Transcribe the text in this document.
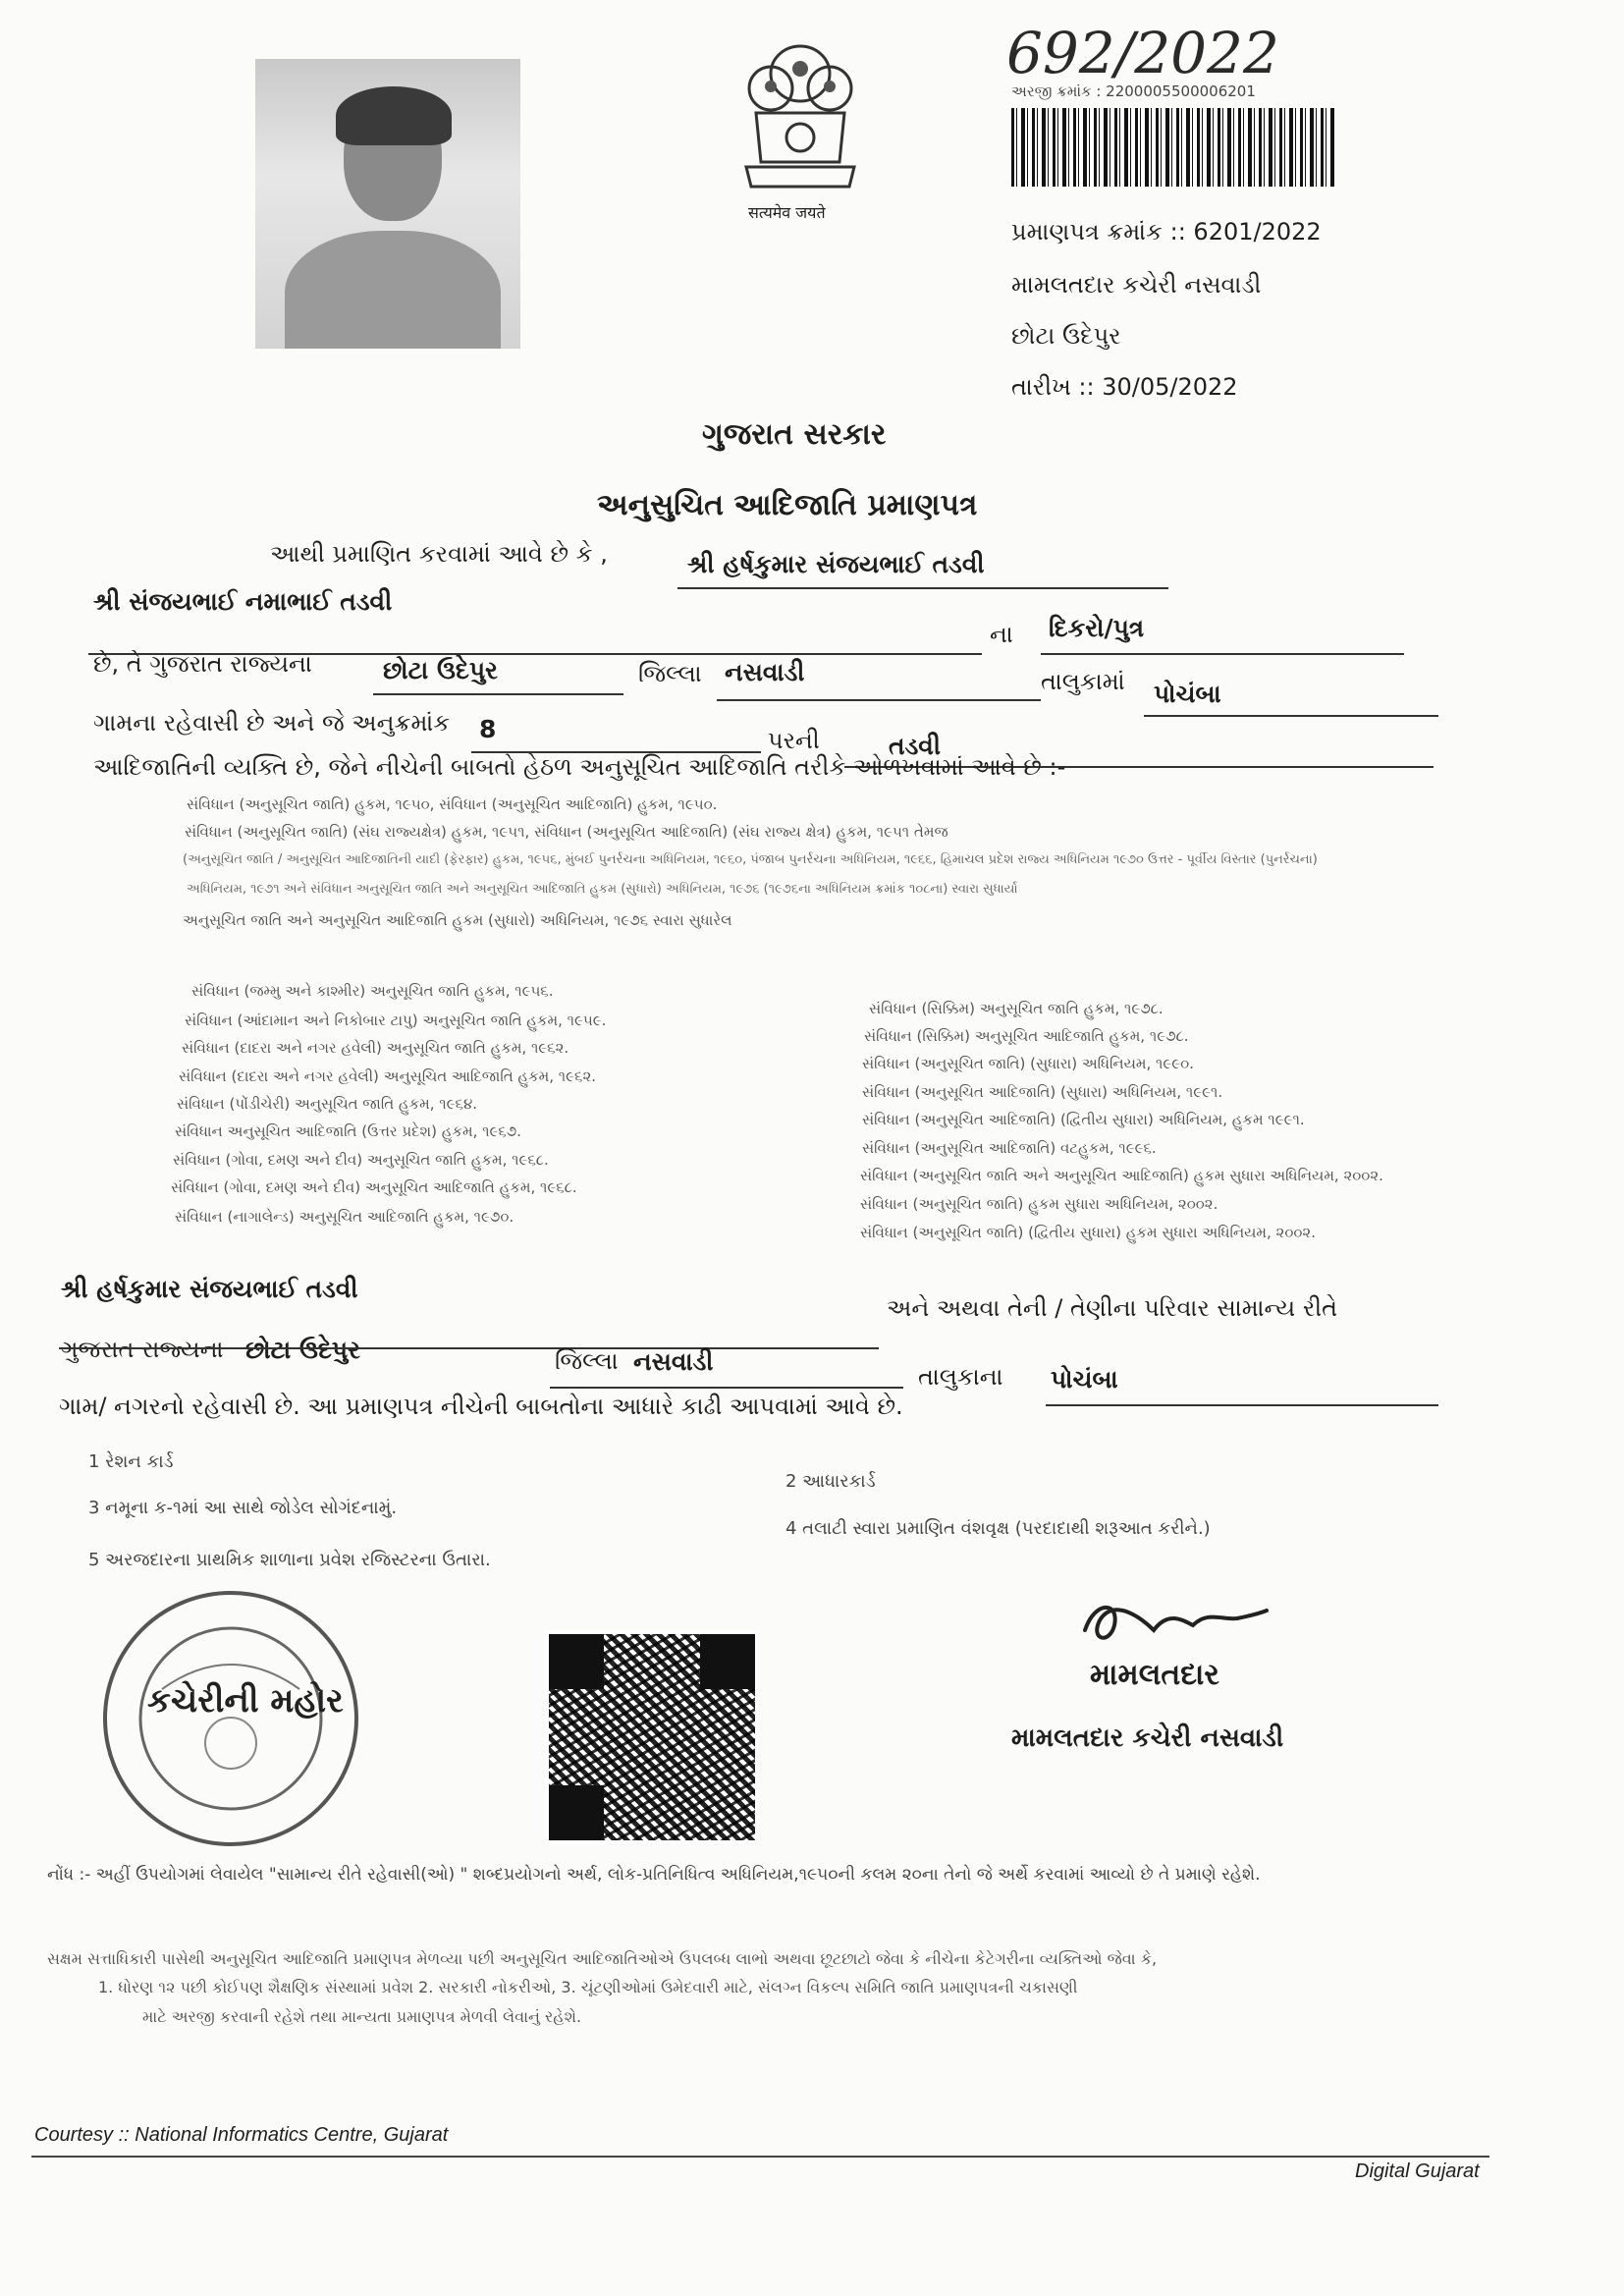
सत्यमेव जयते
692/2022
અરજી ક્રમાંક : 2200005500006201
પ્રમાણપત્ર ક્રમાંક :: 6201/2022
મામલતદાર કચેરી નસવાડી
છોટા ઉદેપુર
તારીખ :: 30/05/2022
ગુજરાત સરકાર
અનુસુચિત આદિજાતિ પ્રમાણપત્ર
આથી પ્રમાણિત કરવામાં આવે છે કે ,	શ્રી હર્ષકુમાર સંજયભાઈ તડવી
શ્રી સંજયભાઈ નમાભાઈ તડવી
ના દિકરો/પુત્ર
છે, તે ગુજરાત રાજ્યના	છોટા ઉદેપુર	જિલ્લા નસવાડી	તાલુકામાં પોચંબા
ગામના રહેવાસી છે અને જે અનુક્રમાંક 8	પરની	તડવી
આદિજાતિની વ્યક્તિ છે, જેને નીચેની બાબતો હેઠળ અનુસૂચિત આદિજાતિ તરીકે ઓળખવામાં આવે છે :-
સંવિધાન (અનુસૂચિત જાતિ) હુકમ, ૧૯૫૦, સંવિધાન (અનુસૂચિત આદિજાતિ) હુકમ, ૧૯૫૦.
સંવિધાન (અનુસૂચિત જાતિ) (સંઘ રાજ્યક્ષેત્ર) હુકમ, ૧૯૫૧, સંવિધાન (અનુસૂચિત આદિજાતિ) (સંઘ રાજ્ય ક્ષેત્ર) હુકમ, ૧૯૫૧ તેમજ
(અનુસૂચિત જાતિ / અનુસૂચિત આદિજાતિની યાદી (ફેરફાર) હુકમ, ૧૯૫૬, મુંબઈ પુનર્રચના અધિનિયમ, ૧૯૬૦, પંજાબ પુનર્રચના અધિનિયમ, ૧૯૬૬, હિમાચલ પ્રદેશ રાજ્ય અધિનિયમ ૧૯૭૦ ઉત્તર - પૂર્વીય વિસ્તાર (પુનર્રચના)
અધિનિયમ, ૧૯૭૧ અને સંવિધાન અનુસૂચિત જાતિ અને અનુસૂચિત આદિજાતિ હુકમ (સુધારો) અધિનિયમ, ૧૯૭૬ (૧૯૭૬ના અધિનિયમ ક્રમાંક ૧૦૮ના) સ્વારા સુધાર્યા
અનુસૂચિત જાતિ અને અનુસૂચિત આદિજાતિ હુકમ (સુધારો) અધિનિયમ, ૧૯૭૬ સ્વારા સુધારેલ
સંવિધાન (જમ્મુ અને કાશ્મીર) અનુસૂચિત જાતિ હુકમ, ૧૯૫૬.
સંવિધાન (આંદામાન અને નિકોબાર ટાપુ) અનુસૂચિત જાતિ હુકમ, ૧૯૫૯.
સંવિધાન (દાદરા અને નગર હવેલી) અનુસૂચિત જાતિ હુકમ, ૧૯૬૨.
સંવિધાન (દાદરા અને નગર હવેલી) અનુસૂચિત આદિજાતિ હુકમ, ૧૯૬૨.
સંવિધાન (પોંડીચેરી) અનુસૂચિત જાતિ હુકમ, ૧૯૬૪.
સંવિધાન અનુસૂચિત આદિજાતિ (ઉત્તર પ્રદેશ) હુકમ, ૧૯૬૭.
સંવિધાન (ગોવા, દમણ અને દીવ) અનુસૂચિત જાતિ હુકમ, ૧૯૬૮.
સંવિધાન (ગોવા, દમણ અને દીવ) અનુસૂચિત આદિજાતિ હુકમ, ૧૯૬૮.
સંવિધાન (નાગાલેન્ડ) અનુસૂચિત આદિજાતિ હુકમ, ૧૯૭૦.
સંવિધાન (સિક્કિમ) અનુસૂચિત જાતિ હુકમ, ૧૯૭૮.
સંવિધાન (સિક્કિમ) અનુસૂચિત આદિજાતિ હુકમ, ૧૯૭૮.
સંવિધાન (અનુસૂચિત જાતિ) (સુધારા) અધિનિયમ, ૧૯૯૦.
સંવિધાન (અનુસૂચિત આદિજાતિ) (સુધારા) અધિનિયમ, ૧૯૯૧.
સંવિધાન (અનુસૂચિત આદિજાતિ) (દ્વિતીય સુધારા) અધિનિયમ, હુકમ ૧૯૯૧.
સંવિધાન (અનુસૂચિત આદિજાતિ) વટહુકમ, ૧૯૯૬.
સંવિધાન (અનુસૂચિત જાતિ અને અનુસૂચિત આદિજાતિ) હુકમ સુધારા અધિનિયમ, ૨૦૦૨.
સંવિધાન (અનુસૂચિત જાતિ) હુકમ સુધારા અધિનિયમ, ૨૦૦૨.
સંવિધાન (અનુસૂચિત જાતિ) (દ્વિતીય સુધારા) હુકમ સુધારા અધિનિયમ, ૨૦૦૨.
શ્રી હર્ષકુમાર સંજયભાઈ તડવી
અને અથવા તેની / તેણીના પરિવાર સામાન્ય રીતે
ગુજરાત રાજ્યના છોટા ઉદેપુર	જિલ્લા નસવાડી
તાલુકાના પોચંબા
ગામ/ નગરનો રહેવાસી છે. આ પ્રમાણપત્ર નીચેની બાબતોના આધારે કાઢી આપવામાં આવે છે.
1 રેશન કાર્ડ
2 આધારકાર્ડ
3 નમૂના ક-૧માં આ સાથે જોડેલ સોગંદનામું.
4 તલાટી સ્વારા પ્રમાણિત વંશવૃક્ષ (પરદાદાથી શરૂઆત કરીને.)
5 અરજદારના પ્રાથમિક શાળાના પ્રવેશ રજિસ્ટરના ઉતારા.
કચેરીની મહોર
મામલતદાર
મામલતદાર કચેરી નસવાડી
નોંધ :- અહીં ઉપયોગમાં લેવાયેલ "સામાન્ય રીતે રહેવાસી(ઓ) " શબ્દપ્રયોગનો અર્થ, લોક-પ્રતિનિધિત્વ અધિનિયમ,૧૯૫૦ની કલમ ૨૦ના તેનો જે અર્થે કરવામાં આવ્યો છે તે પ્રમાણે રહેશે.
સક્ષમ સત્તાધિકારી પાસેથી અનુસૂચિત આદિજાતિ પ્રમાણપત્ર મેળવ્યા પછી અનુસૂચિત આદિજાતિઓએ ઉપલબ્ધ લાભો અથવા છૂટછાટો જેવા કે નીચેના કેટેગરીના વ્યક્તિઓ જેવા કે,
1. ધોરણ ૧૨ પછી કોઈપણ શૈક્ષણિક સંસ્થામાં પ્રવેશ 2. સરકારી નોકરીઓ, 3. ચૂંટણીઓમાં ઉમેદવારી માટે, સંલગ્ન વિકલ્પ સમિતિ જાતિ પ્રમાણપત્રની ચકાસણી
માટે અરજી કરવાની રહેશે તથા માન્યતા પ્રમાણપત્ર મેળવી લેવાનું રહેશે.
Courtesy :: National Informatics Centre, Gujarat
Digital Gujarat
